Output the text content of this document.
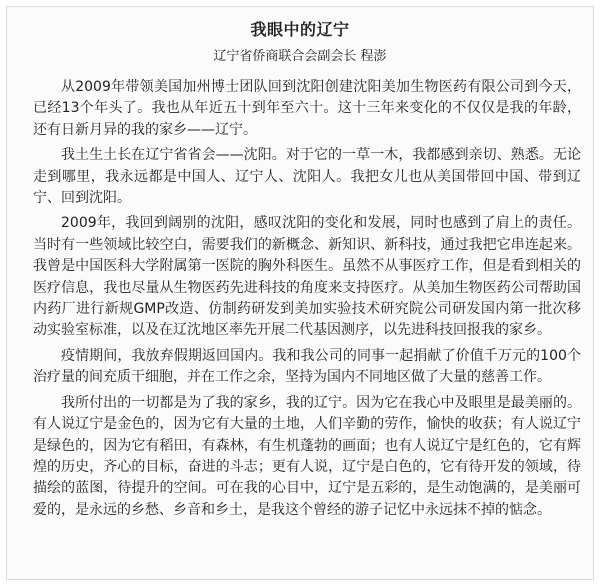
我眼中的辽宁
辽宁省侨商联合会副会长 程澎

从2009年带领美国加州博士团队回到沈阳创建沈阳美加生物医药有限公司到今天，已经13个年头了。我也从年近五十到年至六十。这十三年来变化的不仅仅是我的年龄，还有日新月异的我的家乡——辽宁。

我土生土长在辽宁省省会——沈阳。对于它的一草一木，我都感到亲切、熟悉。无论走到哪里，我永远都是中国人、辽宁人、沈阳人。我把女儿也从美国带回中国、带到辽宁、回到沈阳。

2009年，我回到阔别的沈阳，感叹沈阳的变化和发展，同时也感到了肩上的责任。当时有一些领域比较空白，需要我们的新概念、新知识、新科技，通过我把它串连起来。我曾是中国医科大学附属第一医院的胸外科医生。虽然不从事医疗工作，但是看到相关的医疗信息，我也尽量从生物医药先进科技的角度来支持医疗。从美加生物医药公司帮助国内药厂进行新规GMP改造、仿制药研发到美加实验技术研究院公司研发国内第一批次移动实验室标准，以及在辽沈地区率先开展二代基因测序，以先进科技回报我的家乡。

疫情期间，我放弃假期返回国内。我和我公司的同事一起捐献了价值千万元的100个治疗量的间充质干细胞，并在工作之余，坚持为国内不同地区做了大量的慈善工作。

我所付出的一切都是为了我的家乡，我的辽宁。因为它在我心中及眼里是最美丽的。有人说辽宁是金色的，因为它有大量的土地，人们辛勤的劳作，愉快的收获；有人说辽宁是绿色的，因为它有稻田，有森林，有生机蓬勃的画面；也有人说辽宁是红色的，它有辉煌的历史，齐心的目标，奋进的斗志；更有人说，辽宁是白色的，它有待开发的领域，待描绘的蓝图，待提升的空间。可在我的心目中，辽宁是五彩的，是生动饱满的，是美丽可爱的，是永远的乡愁、乡音和乡土，是我这个曾经的游子记忆中永远抹不掉的惦念。
